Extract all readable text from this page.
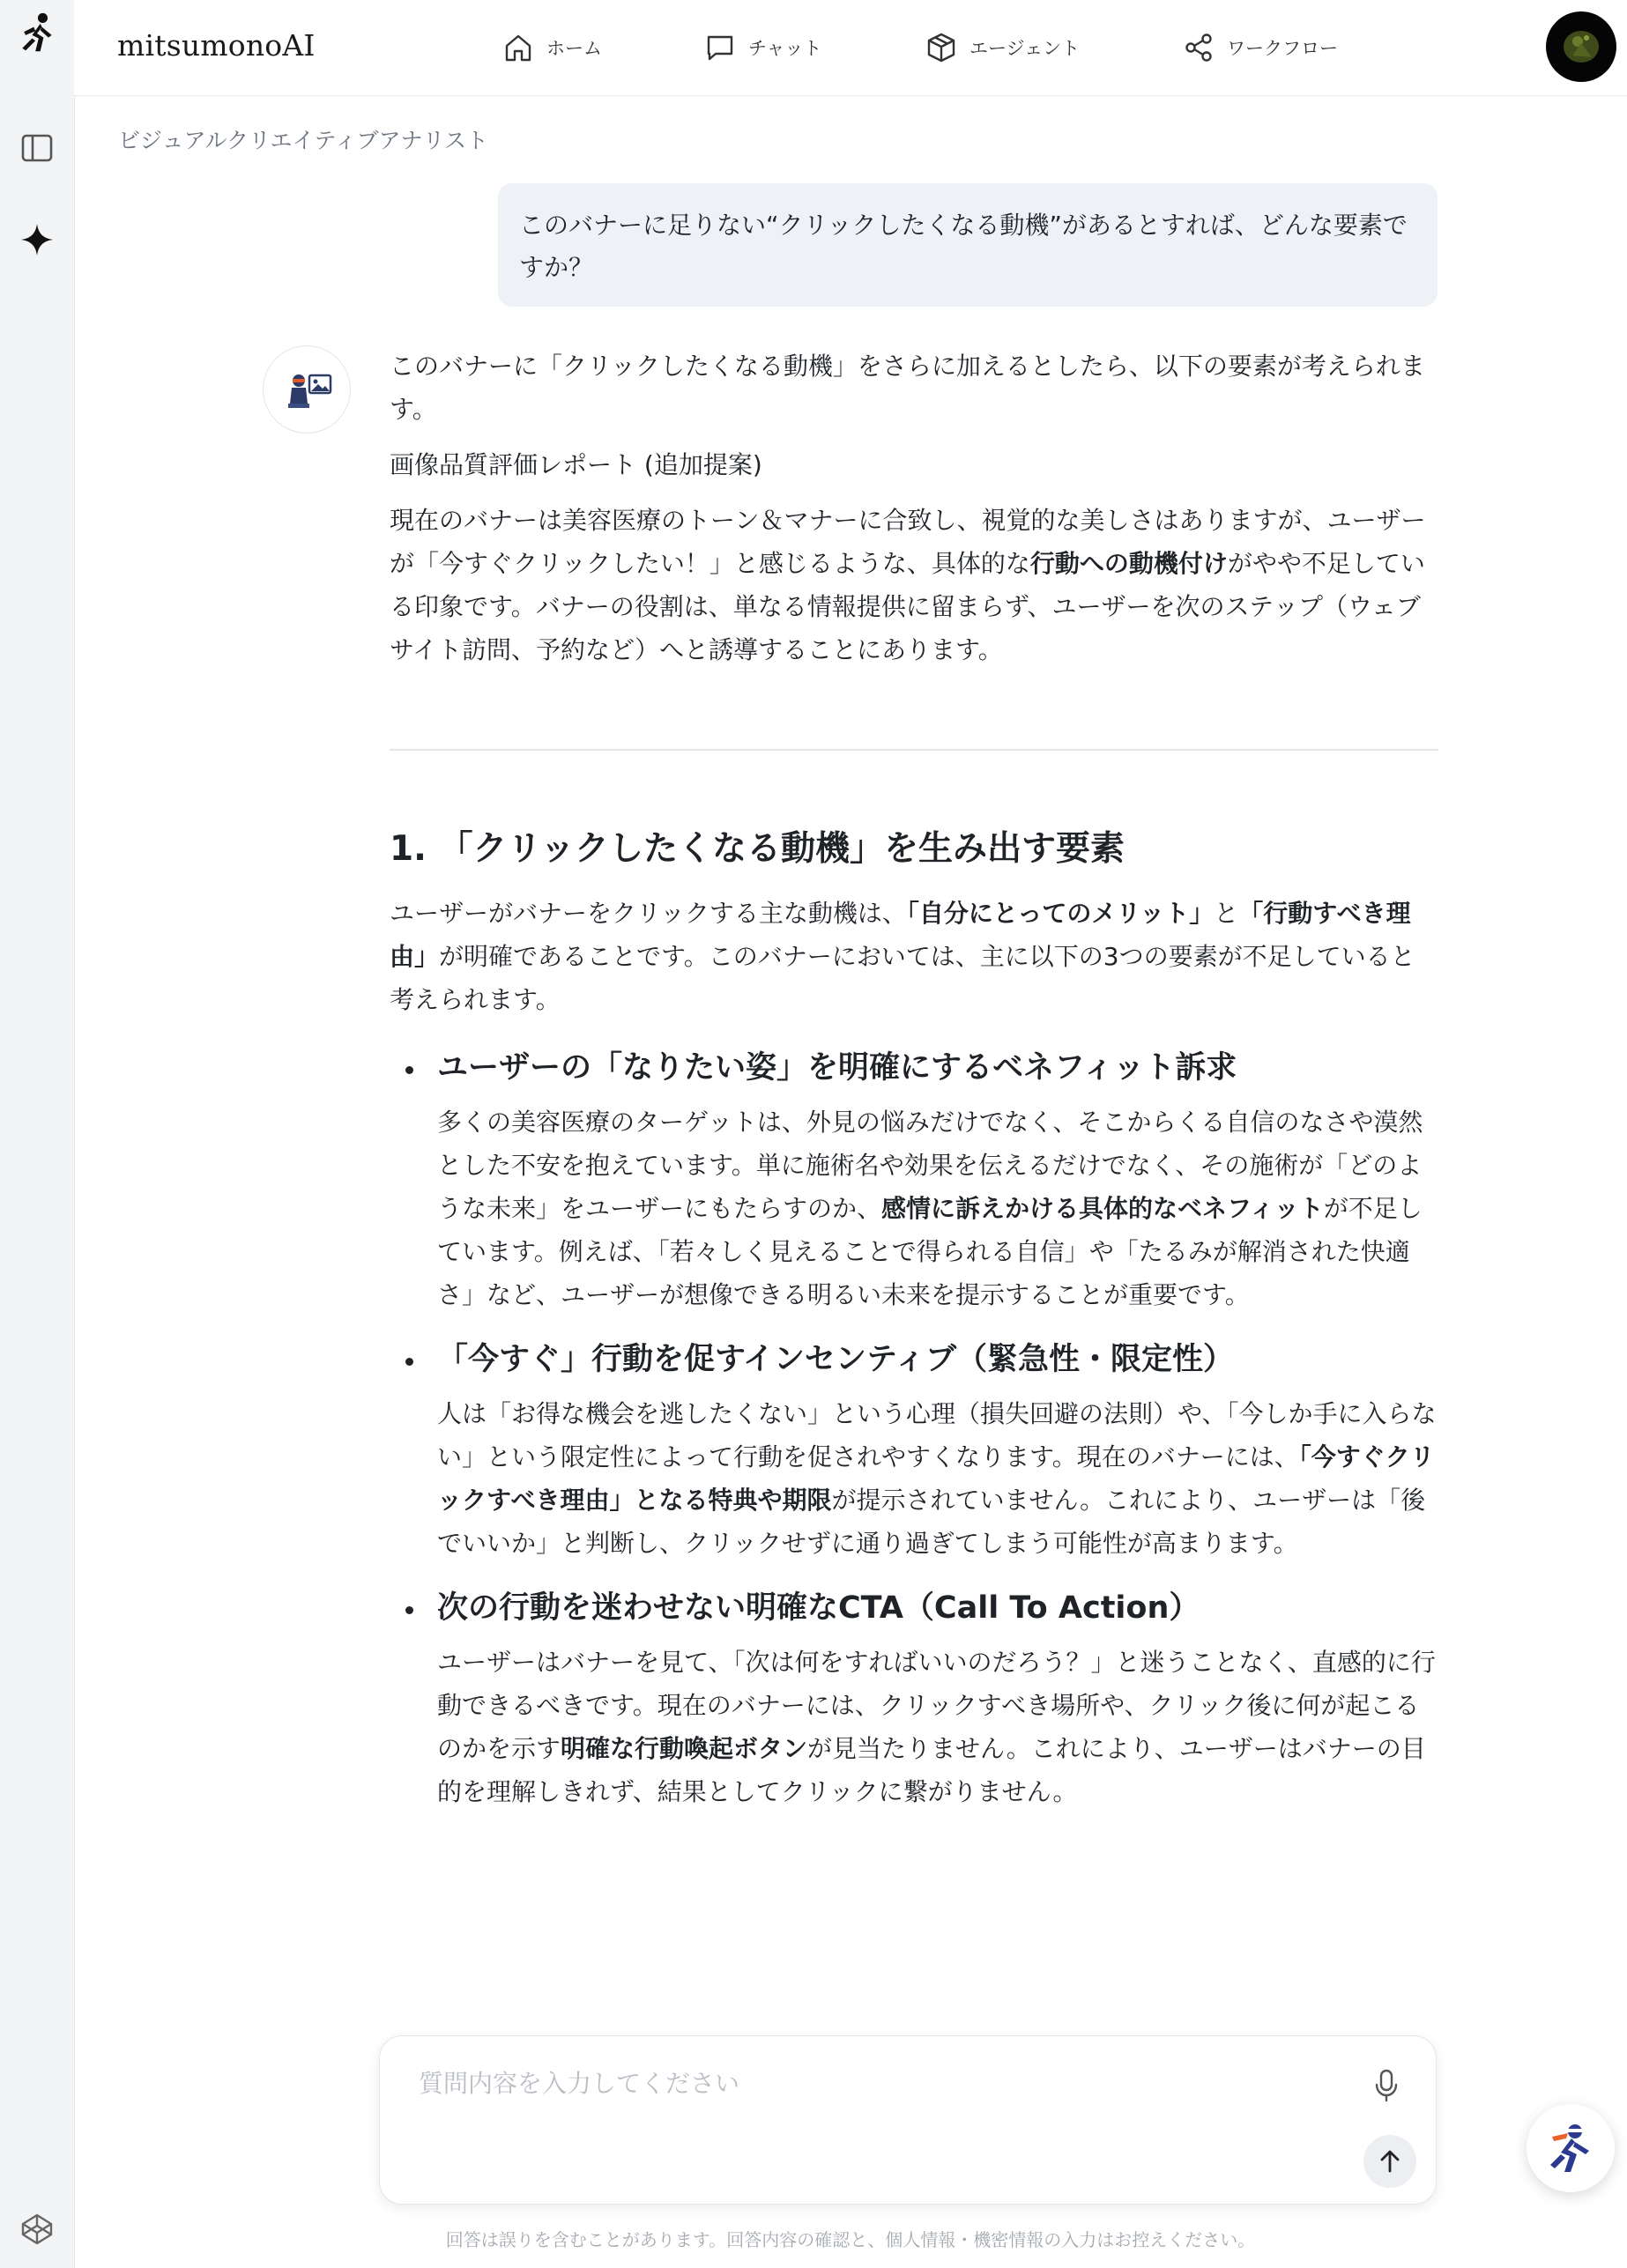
mitsumonoAI	ホーム	チャット	エージェント	ワークフロー
ビジュアルクリエイティブアナリスト
このバナーに足りない“クリックしたくなる動機”があるとすれば、どんな要素ですか？

このバナーに「クリックしたくなる動機」をさらに加えるとしたら、以下の要素が考えられます。

画像品質評価レポート (追加提案)

現在のバナーは美容医療のトーン＆マナーに合致し、視覚的な美しさはありますが、ユーザーが「今すぐクリックしたい！」と感じるような、具体的な行動への動機付けがやや不足している印象です。バナーの役割は、単なる情報提供に留まらず、ユーザーを次のステップ（ウェブサイト訪問、予約など）へと誘導することにあります。

1. 「クリックしたくなる動機」を生み出す要素

ユーザーがバナーをクリックする主な動機は、「自分にとってのメリット」と「行動すべき理由」が明確であることです。このバナーにおいては、主に以下の3つの要素が不足していると考えられます。

ユーザーの「なりたい姿」を明確にするベネフィット訴求

多くの美容医療のターゲットは、外見の悩みだけでなく、そこからくる自信のなさや漠然とした不安を抱えています。単に施術名や効果を伝えるだけでなく、その施術が「どのような未来」をユーザーにもたらすのか、感情に訴えかける具体的なベネフィットが不足しています。例えば、「若々しく見えることで得られる自信」や「たるみが解消された快適さ」など、ユーザーが想像できる明るい未来を提示することが重要です。

「今すぐ」行動を促すインセンティブ（緊急性・限定性）

人は「お得な機会を逃したくない」という心理（損失回避の法則）や、「今しか手に入らない」という限定性によって行動を促されやすくなります。現在のバナーには、「今すぐクリックすべき理由」となる特典や期限が提示されていません。これにより、ユーザーは「後でいいか」と判断し、クリックせずに通り過ぎてしまう可能性が高まります。

次の行動を迷わせない明確なCTA（Call To Action）

ユーザーはバナーを見て、「次は何をすればいいのだろう？」と迷うことなく、直感的に行動できるべきです。現在のバナーには、クリックすべき場所や、クリック後に何が起こるのかを示す明確な行動喚起ボタンが見当たりません。これにより、ユーザーはバナーの目的を理解しきれず、結果としてクリックに繋がりません。

質問内容を入力してください
回答は誤りを含むことがあります。回答内容の確認と、個人情報・機密情報の入力はお控えください。
